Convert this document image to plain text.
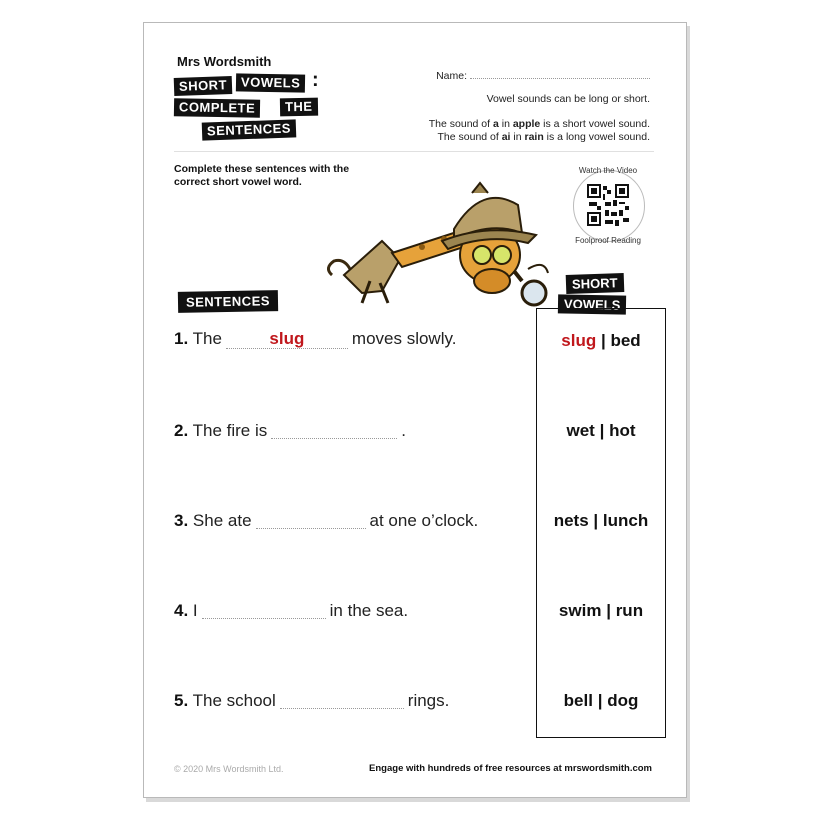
Mrs Wordsmith
SHORT	VOWELS :
COMPLETE	THE
SENTENCES
Name:
Vowel sounds can be long or short.
The sound of a in apple is a short vowel sound.
The sound of ai in rain is a long vowel sound.
Complete these sentences with the correct short vowel word.
Watch the Video
Foolproof Reading
SENTENCES
SHORT
VOWELS
1. The	slug	moves slowly.
2. The fire is	.
3. She ate	at one o’clock.
4. I	in the sea.
5. The school	rings.
slug | bed
wet | hot
nets | lunch
swim | run
bell | dog
© 2020 Mrs Wordsmith Ltd.	Engage with hundreds of free resources at mrswordsmith.com
